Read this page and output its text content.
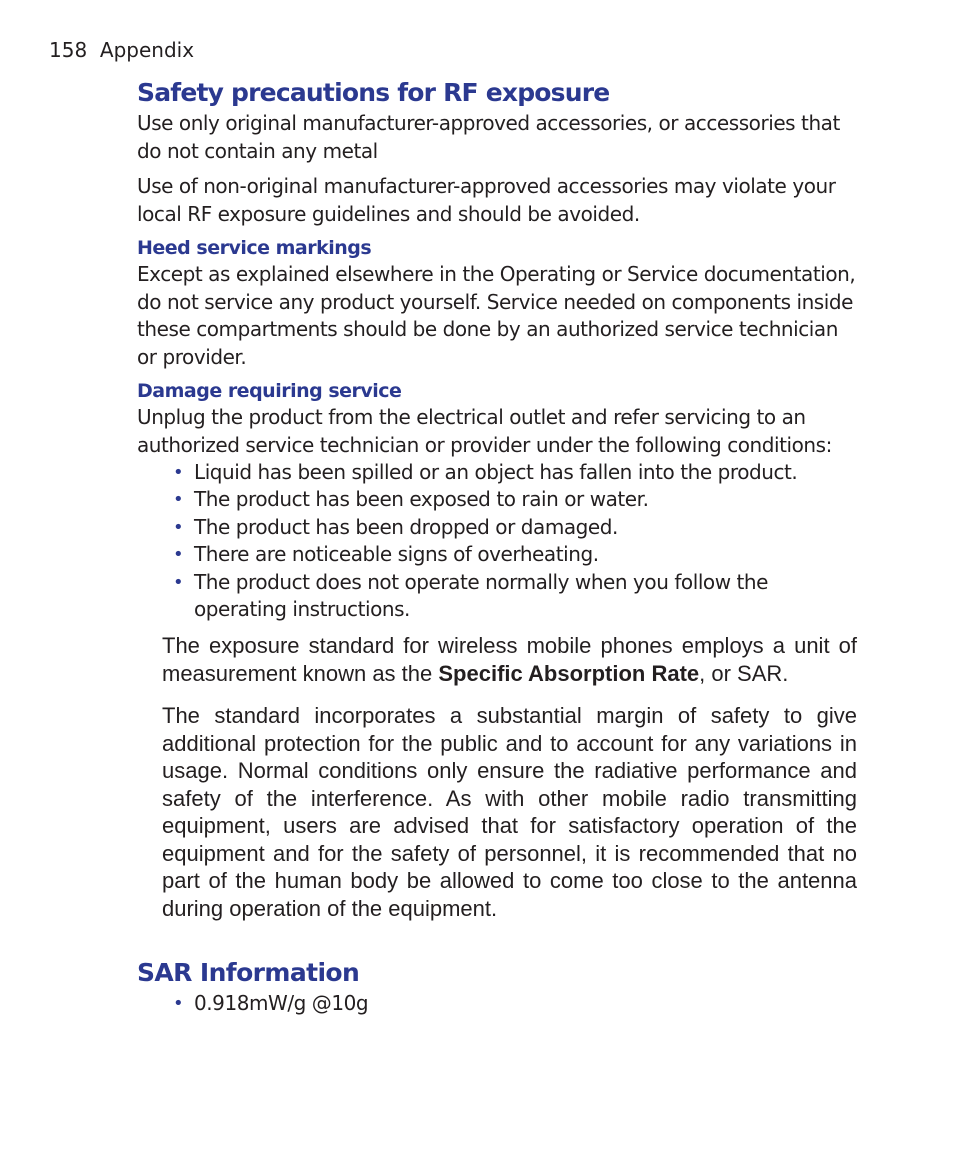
158 Appendix
Safety precautions for RF exposure

Use only original manufacturer-approved accessories, or accessories that do not contain any metal

Use of non-original manufacturer-approved accessories may violate your local RF exposure guidelines and should be avoided.

Heed service markings

Except as explained elsewhere in the Operating or Service documentation, do not service any product yourself. Service needed on components inside these compartments should be done by an authorized service technician or provider.

Damage requiring service

Unplug the product from the electrical outlet and refer servicing to an authorized service technician or provider under the following conditions:

• Liquid has been spilled or an object has fallen into the product.
• The product has been exposed to rain or water.
• The product has been dropped or damaged.
• There are noticeable signs of overheating.
• The product does not operate normally when you follow the operating instructions.

The exposure standard for wireless mobile phones employs a unit of measurement known as the Specific Absorption Rate, or SAR.

The standard incorporates a substantial margin of safety to give additional protection for the public and to account for any variations in usage. Normal conditions only ensure the radiative performance and safety of the interference. As with other mobile radio transmitting equipment, users are advised that for satisfactory operation of the equipment and for the safety of personnel, it is recommended that no part of the human body be allowed to come too close to the antenna during operation of the equipment.

SAR Information
• 0.918mW/g @10g
